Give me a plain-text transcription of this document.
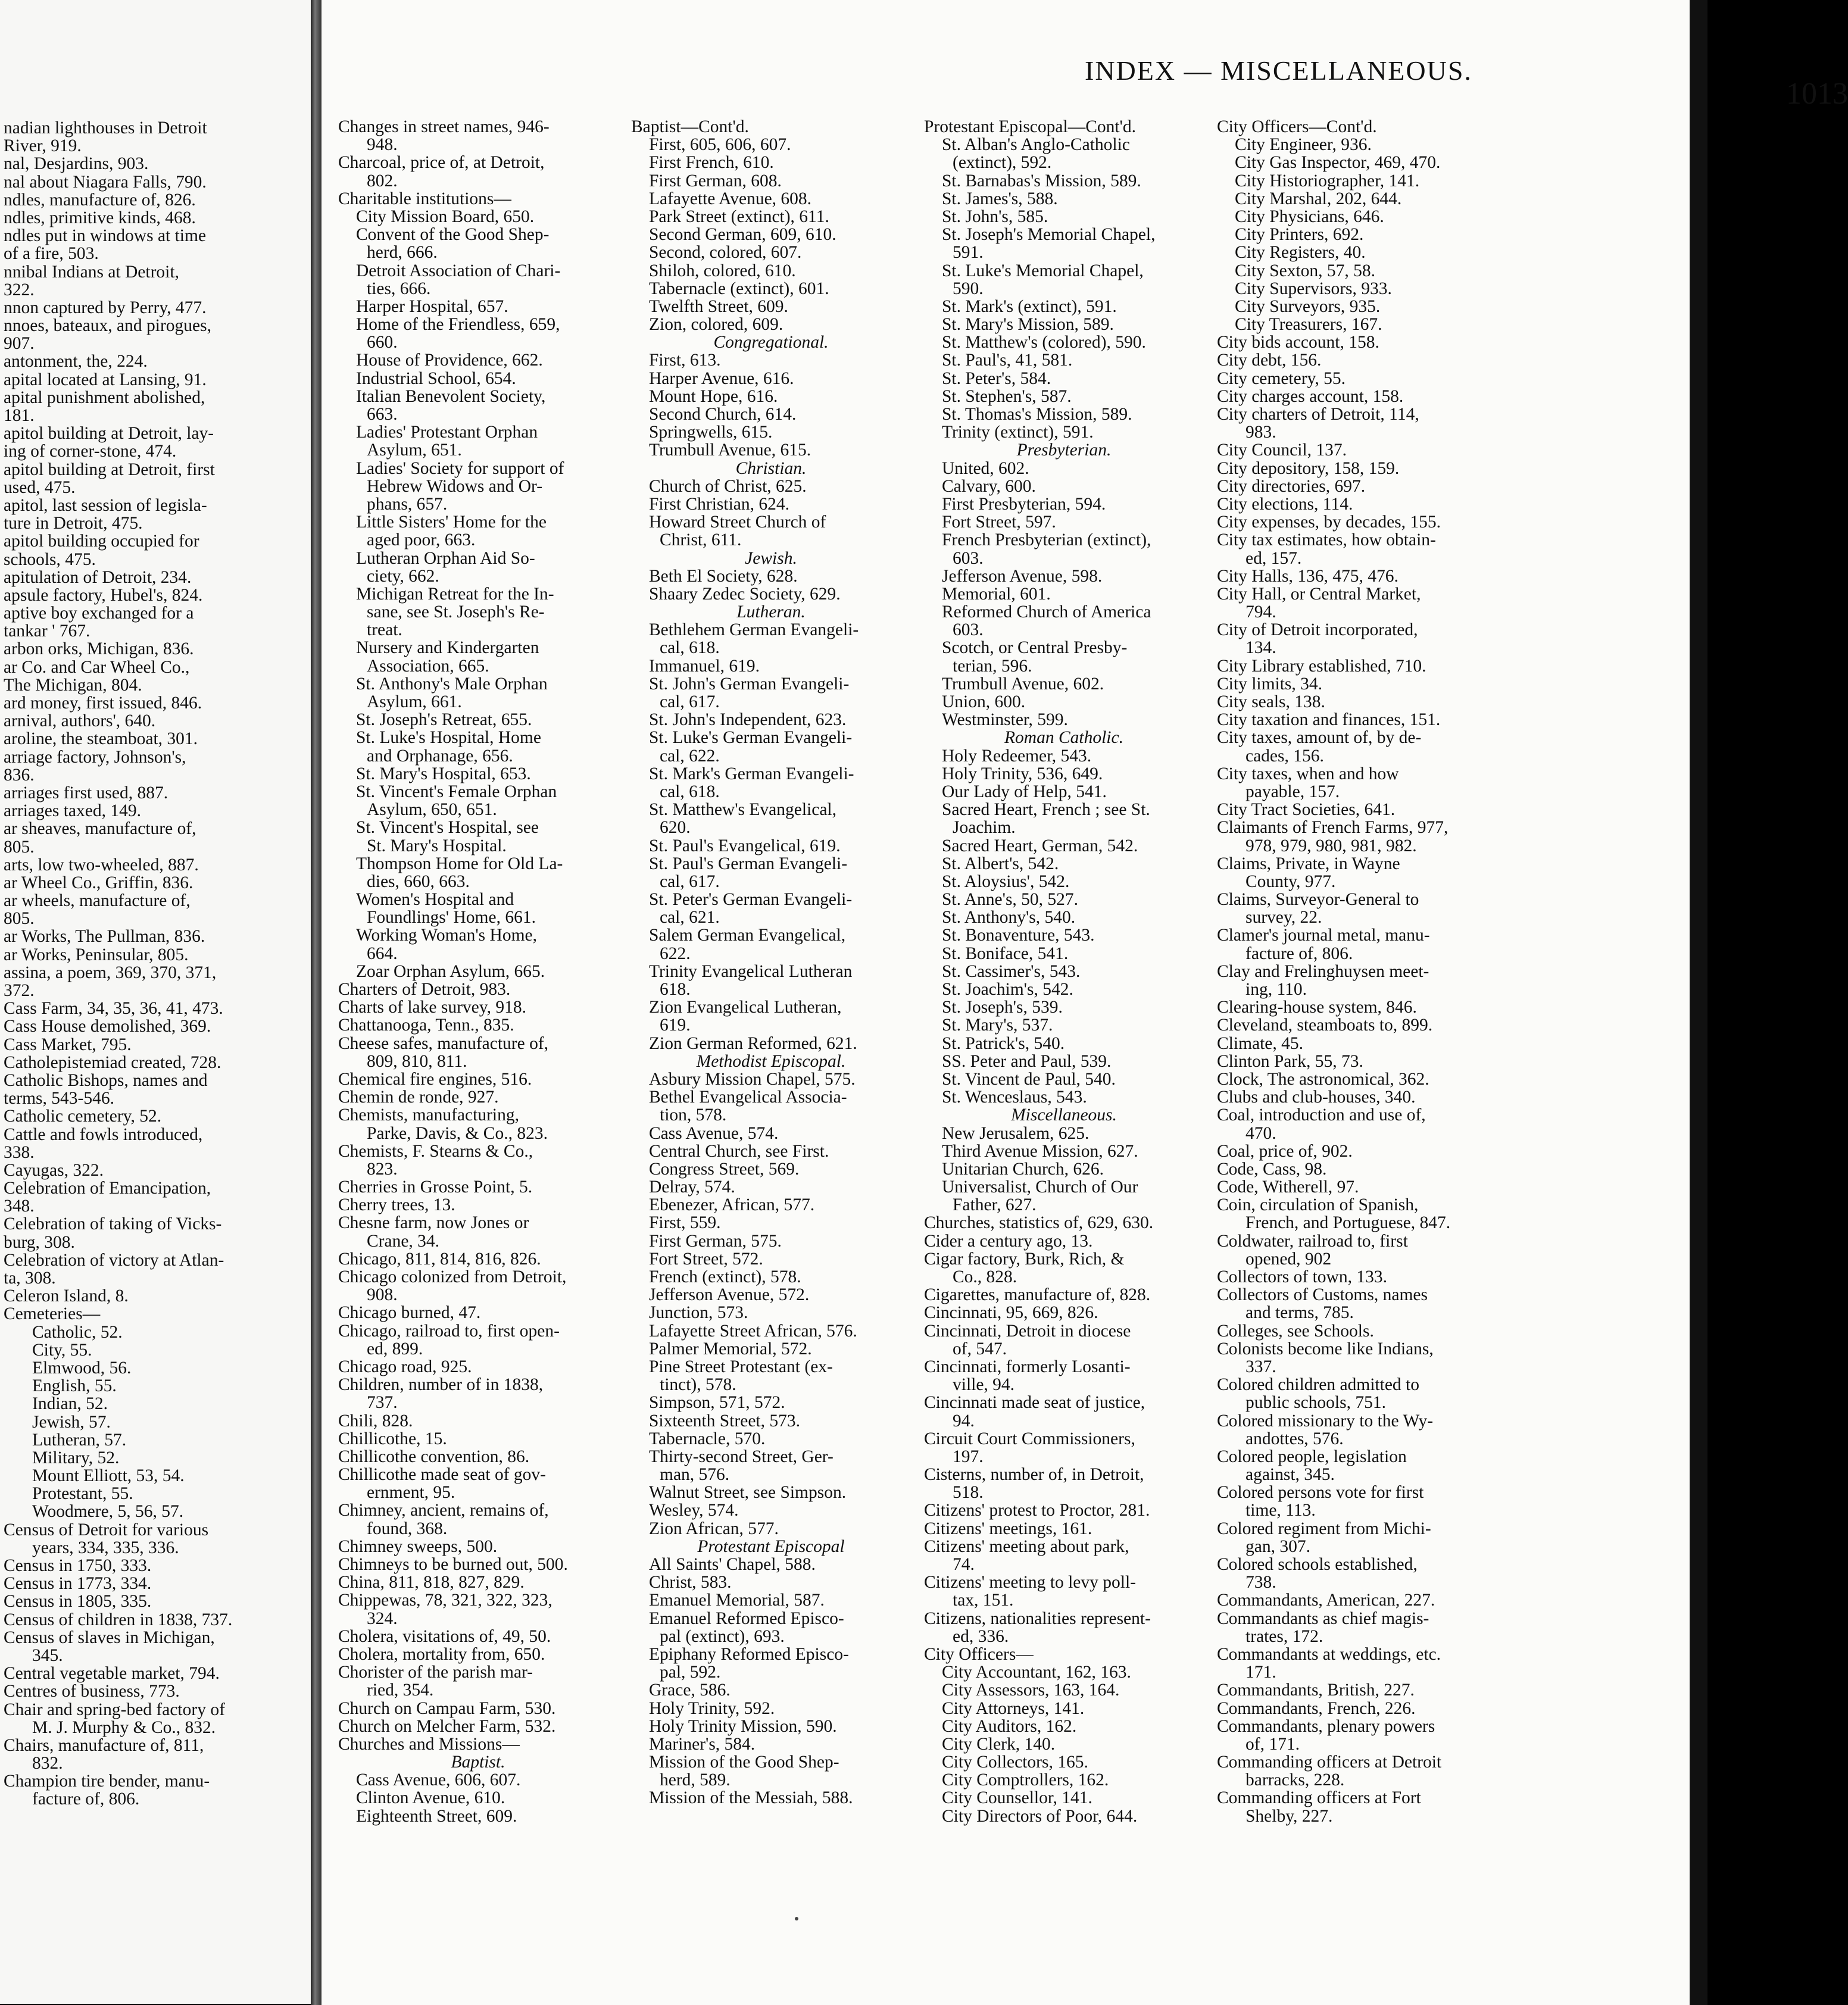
nadian lighthouses in Detroit
River, 919.
nal, Desjardins, 903.
nal about Niagara Falls, 790.
ndles, manufacture of, 826.
ndles, primitive kinds, 468.
ndles put in windows at time
of a fire, 503.
nnibal Indians at Detroit,
322.
nnon captured by Perry, 477.
nnoes, bateaux, and pirogues,
907.
antonment, the, 224.
apital located at Lansing, 91.
apital punishment abolished,
181.
apitol building at Detroit, lay-
ing of corner-stone, 474.
apitol building at Detroit, first
used, 475.
apitol, last session of legisla-
ture in Detroit, 475.
apitol building occupied for
schools, 475.
apitulation of Detroit, 234.
apsule factory, Hubel's, 824.
aptive boy exchanged for a
tankar ' 767.
arbon orks, Michigan, 836.
ar Co. and Car Wheel Co.,
The Michigan, 804.
ard money, first issued, 846.
arnival, authors', 640.
aroline, the steamboat, 301.
arriage factory, Johnson's,
836.
arriages first used, 887.
arriages taxed, 149.
ar sheaves, manufacture of,
805.
arts, low two-wheeled, 887.
ar Wheel Co., Griffin, 836.
ar wheels, manufacture of,
805.
ar Works, The Pullman, 836.
ar Works, Peninsular, 805.
assina, a poem, 369, 370, 371,
372.
Cass Farm, 34, 35, 36, 41, 473.
Cass House demolished, 369.
Cass Market, 795.
Catholepistemiad created, 728.
Catholic Bishops, names and
terms, 543-546.
Catholic cemetery, 52.
Cattle and fowls introduced,
338.
Cayugas, 322.
Celebration of Emancipation,
348.
Celebration of taking of Vicks-
burg, 308.
Celebration of victory at Atlan-
ta, 308.
Celeron Island, 8.
Cemeteries—
Catholic, 52.
City, 55.
Elmwood, 56.
English, 55.
Indian, 52.
Jewish, 57.
Lutheran, 57.
Military, 52.
Mount Elliott, 53, 54.
Protestant, 55.
Woodmere, 5, 56, 57.
Census of Detroit for various
years, 334, 335, 336.
Census in 1750, 333.
Census in 1773, 334.
Census in 1805, 335.
Census of children in 1838, 737.
Census of slaves in Michigan,
345.
Central vegetable market, 794.
Centres of business, 773.
Chair and spring-bed factory of
M. J. Murphy & Co., 832.
Chairs, manufacture of, 811,
832.
Champion tire bender, manu-
facture of, 806.
INDEX — MISCELLANEOUS.
1013
Changes in street names, 946-
948.
Charcoal, price of, at Detroit,
802.
Charitable institutions—
City Mission Board, 650.
Convent of the Good Shep-
herd, 666.
Detroit Association of Chari-
ties, 666.
Harper Hospital, 657.
Home of the Friendless, 659,
660.
House of Providence, 662.
Industrial School, 654.
Italian Benevolent Society,
663.
Ladies' Protestant Orphan
Asylum, 651.
Ladies' Society for support of
Hebrew Widows and Or-
phans, 657.
Little Sisters' Home for the
aged poor, 663.
Lutheran Orphan Aid So-
ciety, 662.
Michigan Retreat for the In-
sane, see St. Joseph's Re-
treat.
Nursery and Kindergarten
Association, 665.
St. Anthony's Male Orphan
Asylum, 661.
St. Joseph's Retreat, 655.
St. Luke's Hospital, Home
and Orphanage, 656.
St. Mary's Hospital, 653.
St. Vincent's Female Orphan
Asylum, 650, 651.
St. Vincent's Hospital, see
St. Mary's Hospital.
Thompson Home for Old La-
dies, 660, 663.
Women's Hospital and
Foundlings' Home, 661.
Working Woman's Home,
664.
Zoar Orphan Asylum, 665.
Charters of Detroit, 983.
Charts of lake survey, 918.
Chattanooga, Tenn., 835.
Cheese safes, manufacture of,
809, 810, 811.
Chemical fire engines, 516.
Chemin de ronde, 927.
Chemists, manufacturing,
Parke, Davis, & Co., 823.
Chemists, F. Stearns & Co.,
823.
Cherries in Grosse Point, 5.
Cherry trees, 13.
Chesne farm, now Jones or
Crane, 34.
Chicago, 811, 814, 816, 826.
Chicago colonized from Detroit,
908.
Chicago burned, 47.
Chicago, railroad to, first open-
ed, 899.
Chicago road, 925.
Children, number of in 1838,
737.
Chili, 828.
Chillicothe, 15.
Chillicothe convention, 86.
Chillicothe made seat of gov-
ernment, 95.
Chimney, ancient, remains of,
found, 368.
Chimney sweeps, 500.
Chimneys to be burned out, 500.
China, 811, 818, 827, 829.
Chippewas, 78, 321, 322, 323,
324.
Cholera, visitations of, 49, 50.
Cholera, mortality from, 650.
Chorister of the parish mar-
ried, 354.
Church on Campau Farm, 530.
Church on Melcher Farm, 532.
Churches and Missions—
Baptist.
Cass Avenue, 606, 607.
Clinton Avenue, 610.
Eighteenth Street, 609.
Baptist—Cont'd.
First, 605, 606, 607.
First French, 610.
First German, 608.
Lafayette Avenue, 608.
Park Street (extinct), 611.
Second German, 609, 610.
Second, colored, 607.
Shiloh, colored, 610.
Tabernacle (extinct), 601.
Twelfth Street, 609.
Zion, colored, 609.
Congregational.
First, 613.
Harper Avenue, 616.
Mount Hope, 616.
Second Church, 614.
Springwells, 615.
Trumbull Avenue, 615.
Christian.
Church of Christ, 625.
First Christian, 624.
Howard Street Church of
Christ, 611.
Jewish.
Beth El Society, 628.
Shaary Zedec Society, 629.
Lutheran.
Bethlehem German Evangeli-
cal, 618.
Immanuel, 619.
St. John's German Evangeli-
cal, 617.
St. John's Independent, 623.
St. Luke's German Evangeli-
cal, 622.
St. Mark's German Evangeli-
cal, 618.
St. Matthew's Evangelical,
620.
St. Paul's Evangelical, 619.
St. Paul's German Evangeli-
cal, 617.
St. Peter's German Evangeli-
cal, 621.
Salem German Evangelical,
622.
Trinity Evangelical Lutheran
618.
Zion Evangelical Lutheran,
619.
Zion German Reformed, 621.
Methodist Episcopal.
Asbury Mission Chapel, 575.
Bethel Evangelical Associa-
tion, 578.
Cass Avenue, 574.
Central Church, see First.
Congress Street, 569.
Delray, 574.
Ebenezer, African, 577.
First, 559.
First German, 575.
Fort Street, 572.
French (extinct), 578.
Jefferson Avenue, 572.
Junction, 573.
Lafayette Street African, 576.
Palmer Memorial, 572.
Pine Street Protestant (ex-
tinct), 578.
Simpson, 571, 572.
Sixteenth Street, 573.
Tabernacle, 570.
Thirty-second Street, Ger-
man, 576.
Walnut Street, see Simpson.
Wesley, 574.
Zion African, 577.
Protestant Episcopal
All Saints' Chapel, 588.
Christ, 583.
Emanuel Memorial, 587.
Emanuel Reformed Episco-
pal (extinct), 693.
Epiphany Reformed Episco-
pal, 592.
Grace, 586.
Holy Trinity, 592.
Holy Trinity Mission, 590.
Mariner's, 584.
Mission of the Good Shep-
herd, 589.
Mission of the Messiah, 588.
Protestant Episcopal—Cont'd.
St. Alban's Anglo-Catholic
(extinct), 592.
St. Barnabas's Mission, 589.
St. James's, 588.
St. John's, 585.
St. Joseph's Memorial Chapel,
591.
St. Luke's Memorial Chapel,
590.
St. Mark's (extinct), 591.
St. Mary's Mission, 589.
St. Matthew's (colored), 590.
St. Paul's, 41, 581.
St. Peter's, 584.
St. Stephen's, 587.
St. Thomas's Mission, 589.
Trinity (extinct), 591.
Presbyterian.
United, 602.
Calvary, 600.
First Presbyterian, 594.
Fort Street, 597.
French Presbyterian (extinct),
603.
Jefferson Avenue, 598.
Memorial, 601.
Reformed Church of America
603.
Scotch, or Central Presby-
terian, 596.
Trumbull Avenue, 602.
Union, 600.
Westminster, 599.
Roman Catholic.
Holy Redeemer, 543.
Holy Trinity, 536, 649.
Our Lady of Help, 541.
Sacred Heart, French ; see St.
Joachim.
Sacred Heart, German, 542.
St. Albert's, 542.
St. Aloysius', 542.
St. Anne's, 50, 527.
St. Anthony's, 540.
St. Bonaventure, 543.
St. Boniface, 541.
St. Cassimer's, 543.
St. Joachim's, 542.
St. Joseph's, 539.
St. Mary's, 537.
St. Patrick's, 540.
SS. Peter and Paul, 539.
St. Vincent de Paul, 540.
St. Wenceslaus, 543.
Miscellaneous.
New Jerusalem, 625.
Third Avenue Mission, 627.
Unitarian Church, 626.
Universalist, Church of Our
Father, 627.
Churches, statistics of, 629, 630.
Cider a century ago, 13.
Cigar factory, Burk, Rich, &
Co., 828.
Cigarettes, manufacture of, 828.
Cincinnati, 95, 669, 826.
Cincinnati, Detroit in diocese
of, 547.
Cincinnati, formerly Losanti-
ville, 94.
Cincinnati made seat of justice,
94.
Circuit Court Commissioners,
197.
Cisterns, number of, in Detroit,
518.
Citizens' protest to Proctor, 281.
Citizens' meetings, 161.
Citizens' meeting about park,
74.
Citizens' meeting to levy poll-
tax, 151.
Citizens, nationalities represent-
ed, 336.
City Officers—
City Accountant, 162, 163.
City Assessors, 163, 164.
City Attorneys, 141.
City Auditors, 162.
City Clerk, 140.
City Collectors, 165.
City Comptrollers, 162.
City Counsellor, 141.
City Directors of Poor, 644.
City Officers—Cont'd.
City Engineer, 936.
City Gas Inspector, 469, 470.
City Historiographer, 141.
City Marshal, 202, 644.
City Physicians, 646.
City Printers, 692.
City Registers, 40.
City Sexton, 57, 58.
City Supervisors, 933.
City Surveyors, 935.
City Treasurers, 167.
City bids account, 158.
City debt, 156.
City cemetery, 55.
City charges account, 158.
City charters of Detroit, 114,
983.
City Council, 137.
City depository, 158, 159.
City directories, 697.
City elections, 114.
City expenses, by decades, 155.
City tax estimates, how obtain-
ed, 157.
City Halls, 136, 475, 476.
City Hall, or Central Market,
794.
City of Detroit incorporated,
134.
City Library established, 710.
City limits, 34.
City seals, 138.
City taxation and finances, 151.
City taxes, amount of, by de-
cades, 156.
City taxes, when and how
payable, 157.
City Tract Societies, 641.
Claimants of French Farms, 977,
978, 979, 980, 981, 982.
Claims, Private, in Wayne
County, 977.
Claims, Surveyor-General to
survey, 22.
Clamer's journal metal, manu-
facture of, 806.
Clay and Frelinghuysen meet-
ing, 110.
Clearing-house system, 846.
Cleveland, steamboats to, 899.
Climate, 45.
Clinton Park, 55, 73.
Clock, The astronomical, 362.
Clubs and club-houses, 340.
Coal, introduction and use of,
470.
Coal, price of, 902.
Code, Cass, 98.
Code, Witherell, 97.
Coin, circulation of Spanish,
French, and Portuguese, 847.
Coldwater, railroad to, first
opened, 902
Collectors of town, 133.
Collectors of Customs, names
and terms, 785.
Colleges, see Schools.
Colonists become like Indians,
337.
Colored children admitted to
public schools, 751.
Colored missionary to the Wy-
andottes, 576.
Colored people, legislation
against, 345.
Colored persons vote for first
time, 113.
Colored regiment from Michi-
gan, 307.
Colored schools established,
738.
Commandants, American, 227.
Commandants as chief magis-
trates, 172.
Commandants at weddings, etc.
171.
Commandants, British, 227.
Commandants, French, 226.
Commandants, plenary powers
of, 171.
Commanding officers at Detroit
barracks, 228.
Commanding officers at Fort
Shelby, 227.
